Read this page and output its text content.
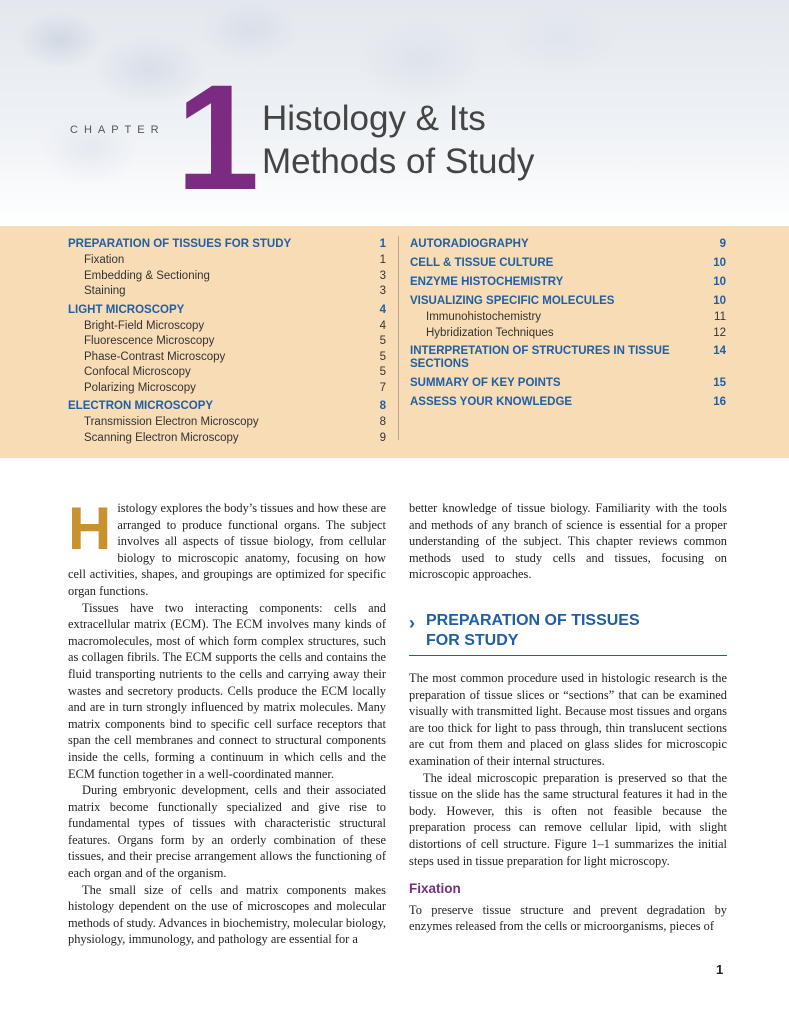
CHAPTER 1 Histology & Its
Methods of Study
PREPARATION OF TISSUES FOR STUDY	1
Fixation	1
Embedding & Sectioning	3
Staining	3
LIGHT MICROSCOPY	4
Bright-Field Microscopy	4
Fluorescence Microscopy	5
Phase-Contrast Microscopy	5
Confocal Microscopy	5
Polarizing Microscopy	7
ELECTRON MICROSCOPY	8
Transmission Electron Microscopy	8
Scanning Electron Microscopy	9
AUTORADIOGRAPHY	9
CELL & TISSUE CULTURE	10
ENZYME HISTOCHEMISTRY	10
VISUALIZING SPECIFIC MOLECULES	10
Immunohistochemistry	11
Hybridization Techniques	12
INTERPRETATION OF STRUCTURES IN TISSUE SECTIONS
14
SUMMARY OF KEY POINTS	15
ASSESS YOUR KNOWLEDGE	16

Histology explores the body’s tissues and how these are arranged to produce functional organs. The subject involves all aspects of tissue biology, from cellular biology to microscopic anatomy, focusing on how cell activities, shapes, and groupings are optimized for specific organ functions.

Tissues have two interacting components: cells and extracellular matrix (ECM). The ECM involves many kinds of macromolecules, most of which form complex structures, such as collagen fibrils. The ECM supports the cells and contains the fluid transporting nutrients to the cells and carrying away their wastes and secretory products. Cells produce the ECM locally and are in turn strongly influenced by matrix molecules. Many matrix components bind to specific cell surface receptors that span the cell membranes and connect to structural components inside the cells, forming a continuum in which cells and the ECM function together in a well-coordinated manner.

During embryonic development, cells and their associated matrix become functionally specialized and give rise to fundamental types of tissues with characteristic structural features. Organs form by an orderly combination of these tissues, and their precise arrangement allows the functioning of each organ and of the organism.

The small size of cells and matrix components makes histology dependent on the use of microscopes and molecular methods of study. Advances in biochemistry, molecular biology, physiology, immunology, and pathology are essential for a

better knowledge of tissue biology. Familiarity with the tools and methods of any branch of science is essential for a proper understanding of the subject. This chapter reviews common methods used to study cells and tissues, focusing on microscopic approaches.

› PREPARATION OF TISSUES
FOR STUDY

The most common procedure used in histologic research is the preparation of tissue slices or “sections” that can be examined visually with transmitted light. Because most tissues and organs are too thick for light to pass through, thin translucent sections are cut from them and placed on glass slides for microscopic examination of their internal structures.

The ideal microscopic preparation is preserved so that the tissue on the slide has the same structural features it had in the body. However, this is often not feasible because the preparation process can remove cellular lipid, with slight distortions of cell structure. Figure 1–1 summarizes the initial steps used in tissue preparation for light microscopy.

Fixation

To preserve tissue structure and prevent degradation by enzymes released from the cells or microorganisms, pieces of

1
